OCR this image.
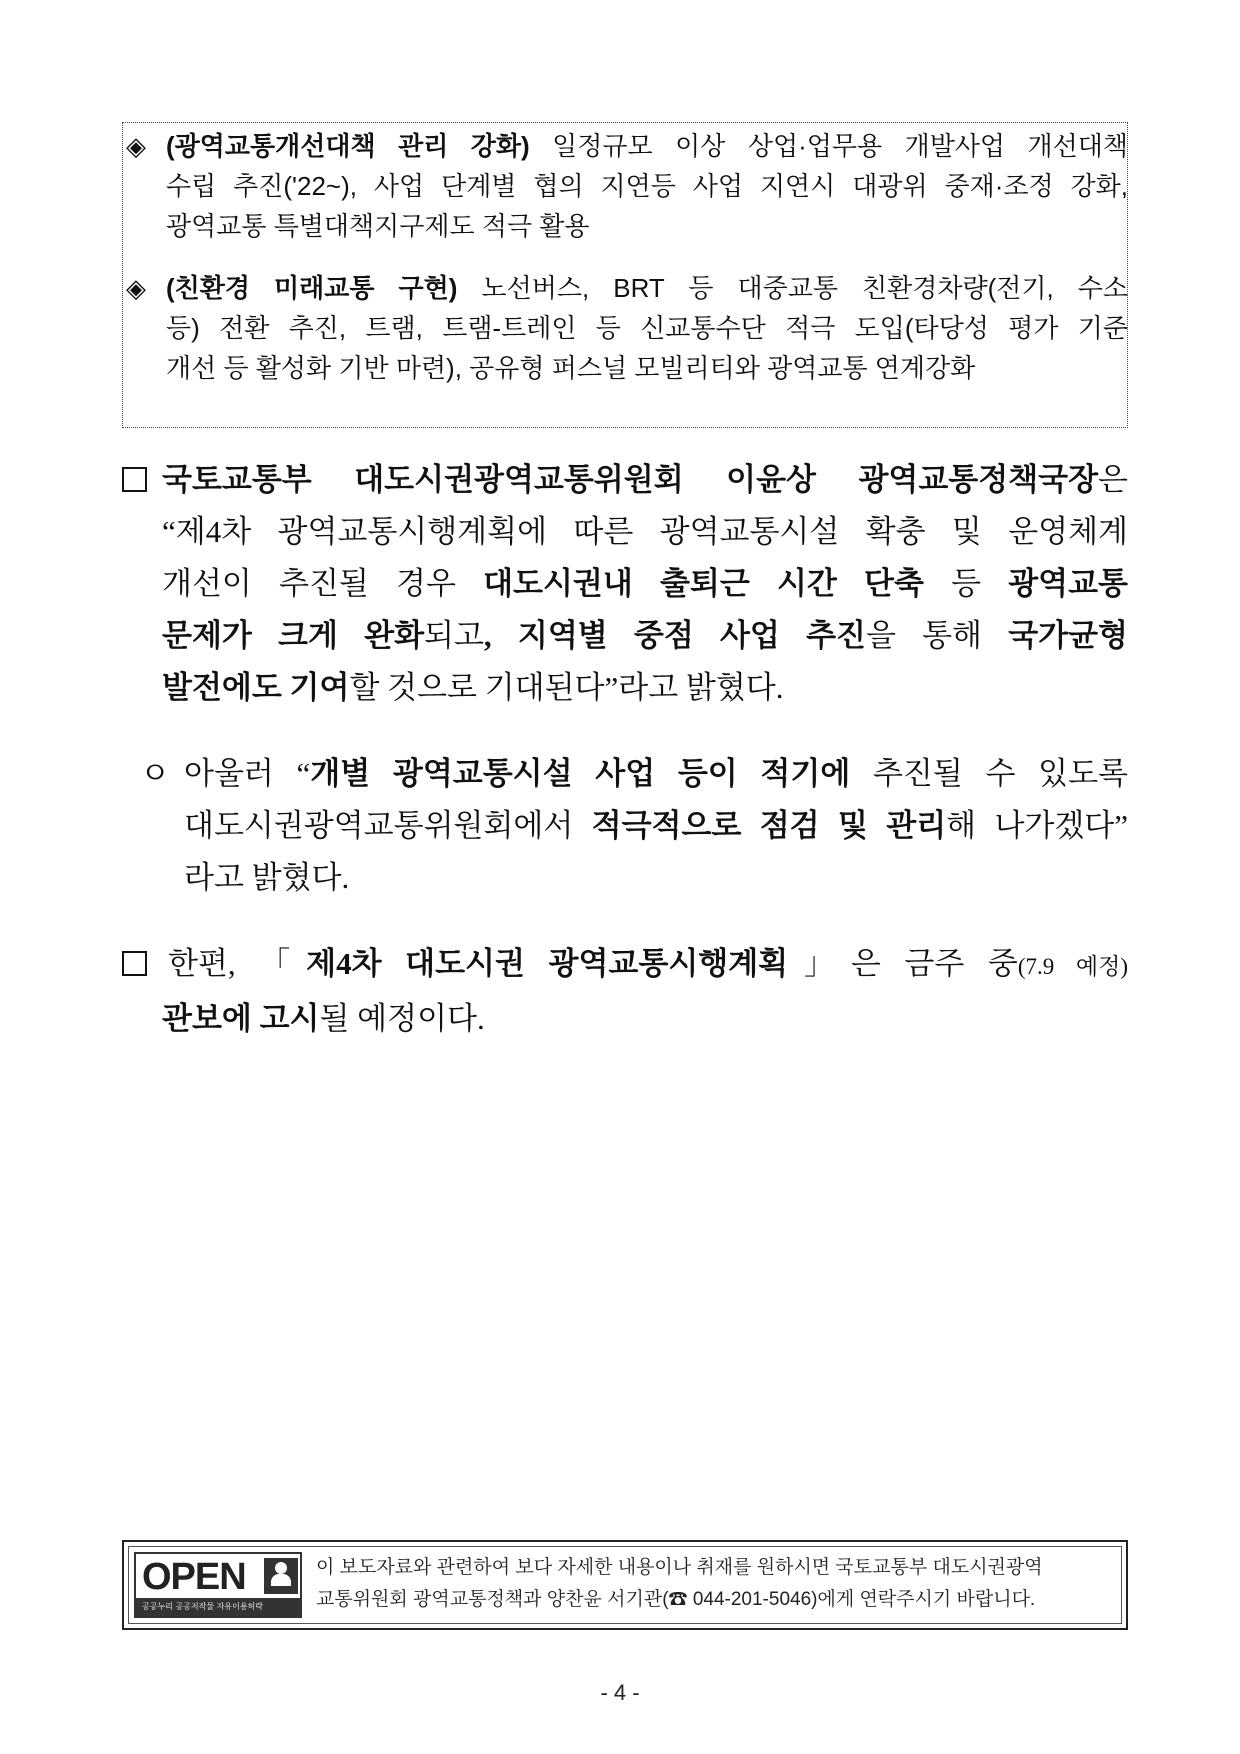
◈ (광역교통개선대책 관리 강화) 일정규모 이상 상업·업무용 개발사업 개선대책
수립 추진('22~), 사업 단계별 협의 지연등 사업 지연시 대광위 중재·조정 강화,

광역교통 특별대책지구제도 적극 활용
◈ (친환경 미래교통 구현) 노선버스, BRT 등 대중교통 친환경차량(전기, 수소
등) 전환 추진, 트램, 트램-트레인 등 신교통수단 적극 도입(타당성 평가 기준

개선 등 활성화 기반 마련), 공유형 퍼스널 모빌리티와 광역교통 연계강화
국토교통부 대도시권광역교통위원회 이윤상 광역교통정책국장은
“제4차 광역교통시행계획에 따른 광역교통시설 확충 및 운영체계
개선이 추진될 경우 대도시권내 출퇴근 시간 단축 등 광역교통
문제가 크게 완화되고, 지역별 중점 사업 추진을 통해 국가균형
발전에도 기여할 것으로 기대된다”라고 밝혔다.
ㅇ 아울러 “개별 광역교통시설 사업 등이 적기에 추진될 수 있도록
대도시권광역교통위원회에서 적극적으로 점검 및 관리해 나가겠다”
라고 밝혔다.
한편, 「제4차 대도시권 광역교통시행계획」은 금주 중(7.9 예정)
관보에 고시될 예정이다.
OPEN
공공누리 공공저작물 자유이용허락
이 보도자료와 관련하여 보다 자세한 내용이나 취재를 원하시면 국토교통부 대도시권광역
교통위원회 광역교통정책과 양찬윤 서기관(☎ 044-201-5046)에게 연락주시기 바랍니다.
- 4 -
